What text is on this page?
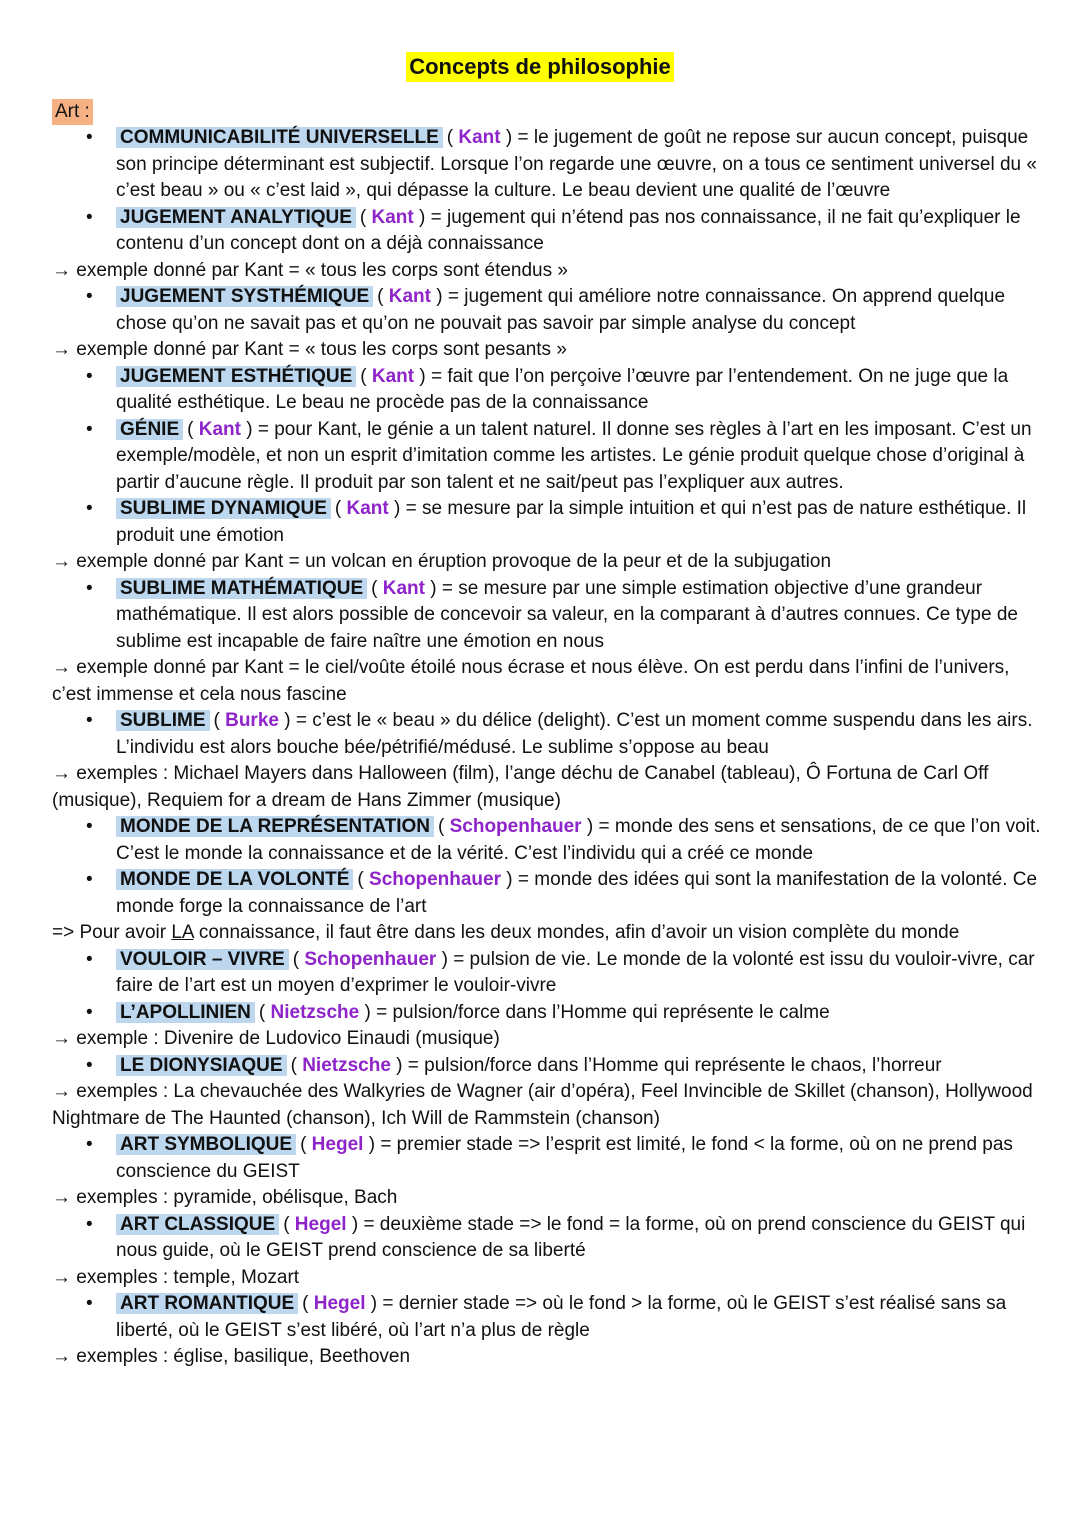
Concepts de philosophie
Art :
• COMMUNICABILITÉ UNIVERSELLE ( Kant ) = le jugement de goût ne repose sur aucun concept, puisque son principe déterminant est subjectif. Lorsque l’on regarde une œuvre, on a tous ce sentiment universel du « c’est beau » ou « c’est laid », qui dépasse la culture. Le beau devient une qualité de l’œuvre
• JUGEMENT ANALYTIQUE ( Kant ) = jugement qui n’étend pas nos connaissance, il ne fait qu’expliquer le contenu d’un concept dont on a déjà connaissance
→ exemple donné par Kant = « tous les corps sont étendus »
• JUGEMENT SYSTHÉMIQUE ( Kant ) = jugement qui améliore notre connaissance. On apprend quelque chose qu’on ne savait pas et qu’on ne pouvait pas savoir par simple analyse du concept
→ exemple donné par Kant = « tous les corps sont pesants »
• JUGEMENT ESTHÉTIQUE ( Kant ) = fait que l’on perçoive l’œuvre par l’entendement. On ne juge que la qualité esthétique. Le beau ne procède pas de la connaissance
• GÉNIE ( Kant ) = pour Kant, le génie a un talent naturel. Il donne ses règles à l’art en les imposant. C’est un exemple/modèle, et non un esprit d’imitation comme les artistes. Le génie produit quelque chose d’original à partir d’aucune règle. Il produit par son talent et ne sait/peut pas l’expliquer aux autres.
• SUBLIME DYNAMIQUE ( Kant ) = se mesure par la simple intuition et qui n’est pas de nature esthétique. Il produit une émotion
→ exemple donné par Kant = un volcan en éruption provoque de la peur et de la subjugation
• SUBLIME MATHÉMATIQUE ( Kant ) = se mesure par une simple estimation objective d’une grandeur mathématique. Il est alors possible de concevoir sa valeur, en la comparant à d’autres connues. Ce type de sublime est incapable de faire naître une émotion en nous
→ exemple donné par Kant = le ciel/voûte étoilé nous écrase et nous élève. On est perdu dans l’infini de l’univers, c’est immense et cela nous fascine
• SUBLIME ( Burke ) = c’est le « beau » du délice (delight). C’est un moment comme suspendu dans les airs. L’individu est alors bouche bée/pétrifié/médusé. Le sublime s’oppose au beau
→ exemples : Michael Mayers dans Halloween (film), l’ange déchu de Canabel (tableau), Ô Fortuna de Carl Off (musique), Requiem for a dream de Hans Zimmer (musique)
• MONDE DE LA REPRÉSENTATION ( Schopenhauer ) = monde des sens et sensations, de ce que l’on voit. C’est le monde la connaissance et de la vérité. C’est l’individu qui a créé ce monde
• MONDE DE LA VOLONTÉ ( Schopenhauer ) = monde des idées qui sont la manifestation de la volonté. Ce monde forge la connaissance de l’art
=> Pour avoir LA connaissance, il faut être dans les deux mondes, afin d’avoir un vision complète du monde
• VOULOIR – VIVRE ( Schopenhauer ) = pulsion de vie. Le monde de la volonté est issu du vouloir-vivre, car faire de l’art est un moyen d’exprimer le vouloir-vivre
• L’APOLLINIEN ( Nietzsche ) = pulsion/force dans l’Homme qui représente le calme
→ exemple : Divenire de Ludovico Einaudi (musique)
• LE DIONYSIAQUE ( Nietzsche ) = pulsion/force dans l’Homme qui représente le chaos, l’horreur
→ exemples : La chevauchée des Walkyries de Wagner (air d’opéra), Feel Invincible de Skillet (chanson), Hollywood Nightmare de The Haunted (chanson), Ich Will de Rammstein (chanson)
• ART SYMBOLIQUE ( Hegel ) = premier stade => l’esprit est limité, le fond < la forme, où on ne prend pas conscience du GEIST
→ exemples : pyramide, obélisque, Bach
• ART CLASSIQUE ( Hegel ) = deuxième stade => le fond = la forme, où on prend conscience du GEIST qui nous guide, où le GEIST prend conscience de sa liberté
→ exemples : temple, Mozart
• ART ROMANTIQUE ( Hegel ) = dernier stade => où le fond > la forme, où le GEIST s’est réalisé sans sa liberté, où le GEIST s’est libéré, où l’art n’a plus de règle
→ exemples : église, basilique, Beethoven
